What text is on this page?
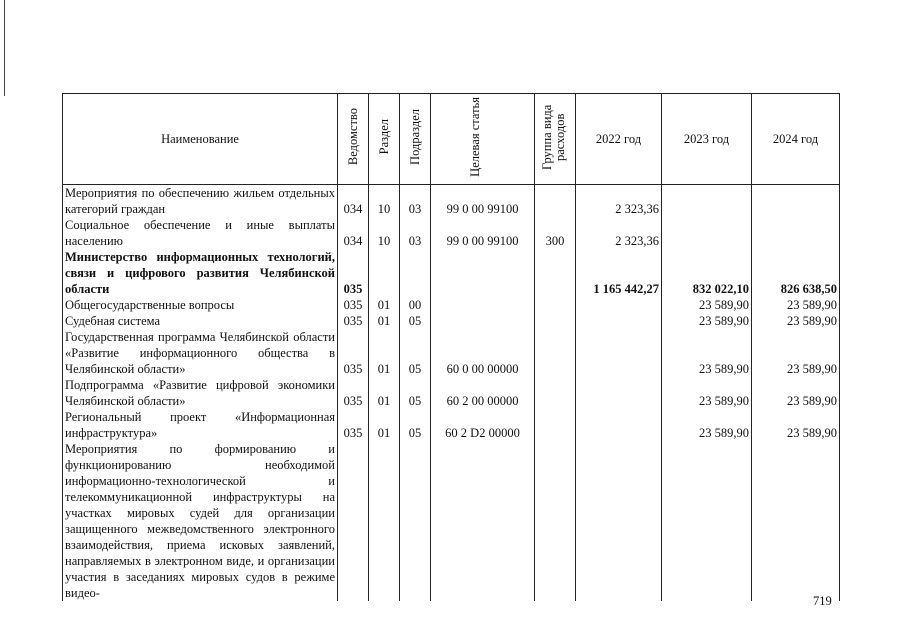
Наименование	Ведомство	Раздел	Подраздел	Целевая статья	Группа вида расходов	2022 год	2023 год	2024 год
Мероприятия по обеспечению жильем отдельных категорий граждан	034	10	03	99 0 00 99100		2 323,36		
Социальное обеспечение и иные выплаты населению	034	10	03	99 0 00 99100	300	2 323,36		
Министерство информационных технологий, связи и цифрового развития Челябинской области	035					1 165 442,27	832 022,10	826 638,50
Общегосударственные вопросы	035	01	00				23 589,90	23 589,90
Судебная система	035	01	05				23 589,90	23 589,90
Государственная программа Челябинской области «Развитие информационного общества в Челябинской области»	035	01	05	60 0 00 00000			23 589,90	23 589,90
Подпрограмма «Развитие цифровой экономики Челябинской области»	035	01	05	60 2 00 00000			23 589,90	23 589,90
Региональный проект «Информационная инфраструктура»	035	01	05	60 2 D2 00000			23 589,90	23 589,90
Мероприятия по формированию и функционированию необходимой информационно-технологической и телекоммуникационной инфраструктуры на участках мировых судей для организации защищенного межведомственного электронного взаимодействия, приема исковых заявлений, направляемых в электронном виде, и организации участия в заседаниях мировых судов в режиме видео-								
719
